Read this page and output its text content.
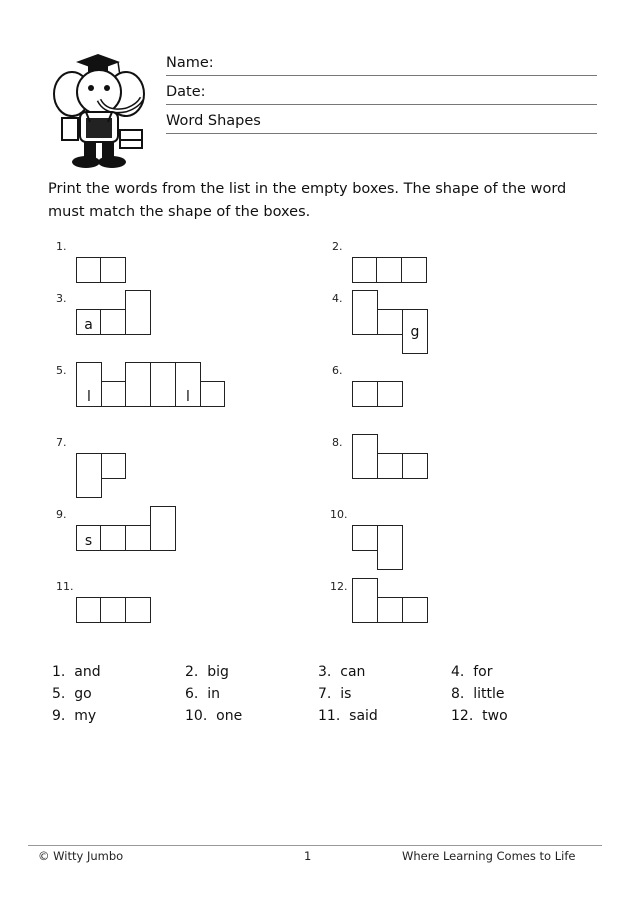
Name:
Date:
Word Shapes
Print the words from the list in the empty boxes. The shape of the word must match the shape of the boxes.
1.	2.
3.	4.
5.	6.
7.	8.
9.	10.
11.	12.
a	g
l	l
s
1.  and	2.  big	3.  can	4.  for
5.  go	6.  in	7.  is	8.  little
9.  my	10.  one	11.  said	12.  two
© Witty Jumbo	1	Where Learning Comes to Life
